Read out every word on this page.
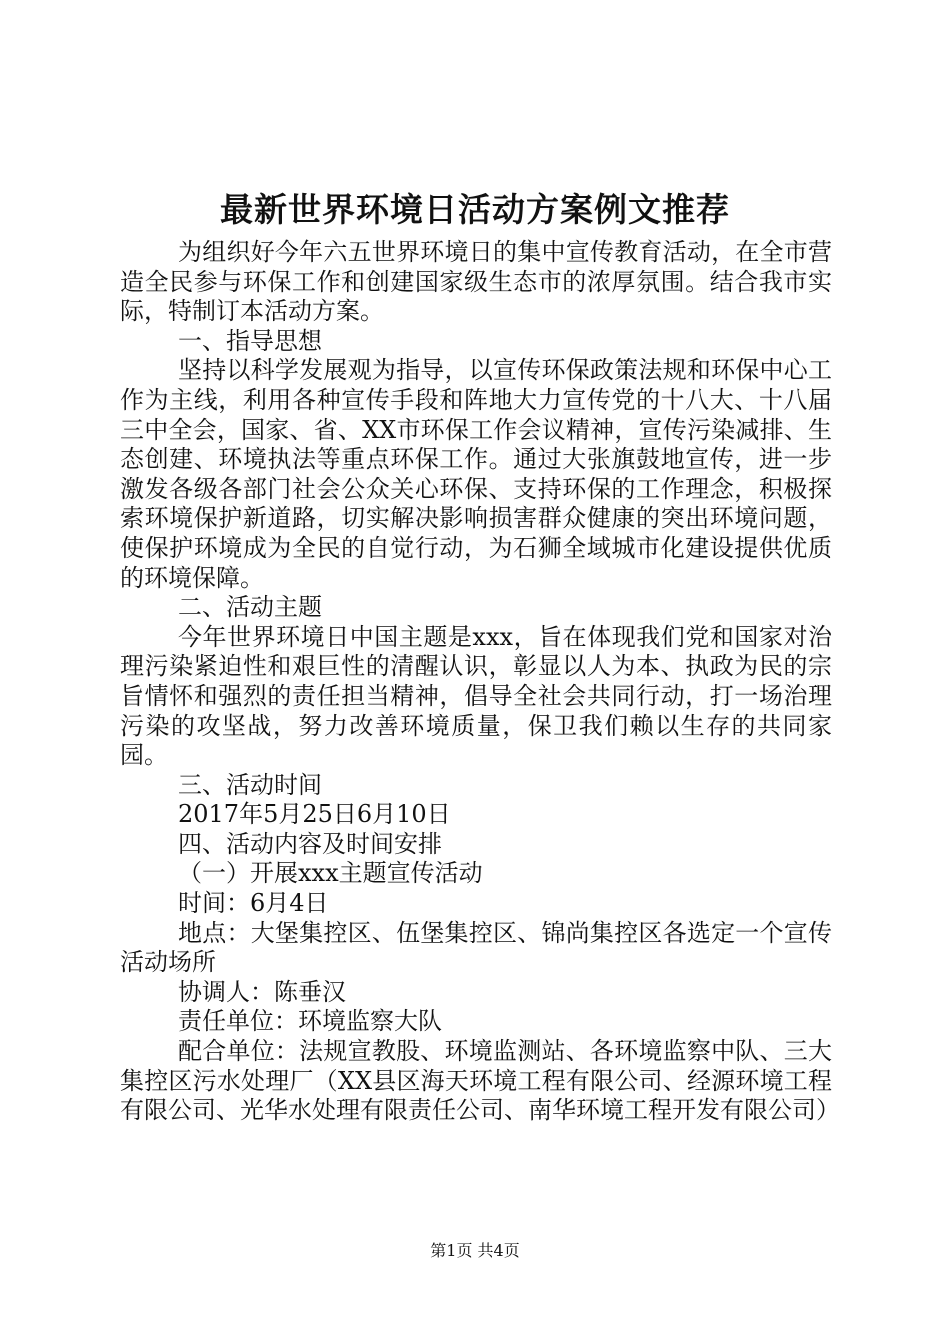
最新世界环境日活动方案例文推荐

为组织好今年六五世界环境日的集中宣传教育活动，在全市营造全民参与环保工作和创建国家级生态市的浓厚氛围。结合我市实际，特制订本活动方案。

一、指导思想

坚持以科学发展观为指导，以宣传环保政策法规和环保中心工作为主线，利用各种宣传手段和阵地大力宣传党的十八大、十八届三中全会，国家、省、XX市环保工作会议精神，宣传污染减排、生态创建、环境执法等重点环保工作。通过大张旗鼓地宣传，进一步激发各级各部门社会公众关心环保、支持环保的工作理念，积极探索环境保护新道路，切实解决影响损害群众健康的突出环境问题，使保护环境成为全民的自觉行动，为石狮全域城市化建设提供优质的环境保障。

二、活动主题

今年世界环境日中国主题是xxx，旨在体现我们党和国家对治理污染紧迫性和艰巨性的清醒认识，彰显以人为本、执政为民的宗旨情怀和强烈的责任担当精神，倡导全社会共同行动，打一场治理污染的攻坚战，努力改善环境质量，保卫我们赖以生存的共同家园。

三、活动时间

2017年5月25日6月10日

四、活动内容及时间安排

（一）开展xxx主题宣传活动

时间：6月4日

地点：大堡集控区、伍堡集控区、锦尚集控区各选定一个宣传活动场所

协调人：陈垂汉

责任单位：环境监察大队

配合单位：法规宣教股、环境监测站、各环境监察中队、三大集控区污水处理厂（XX县区海天环境工程有限公司、经源环境工程有限公司、光华水处理有限责任公司、南华环境工程开发有限公司）

第1页 共4页
